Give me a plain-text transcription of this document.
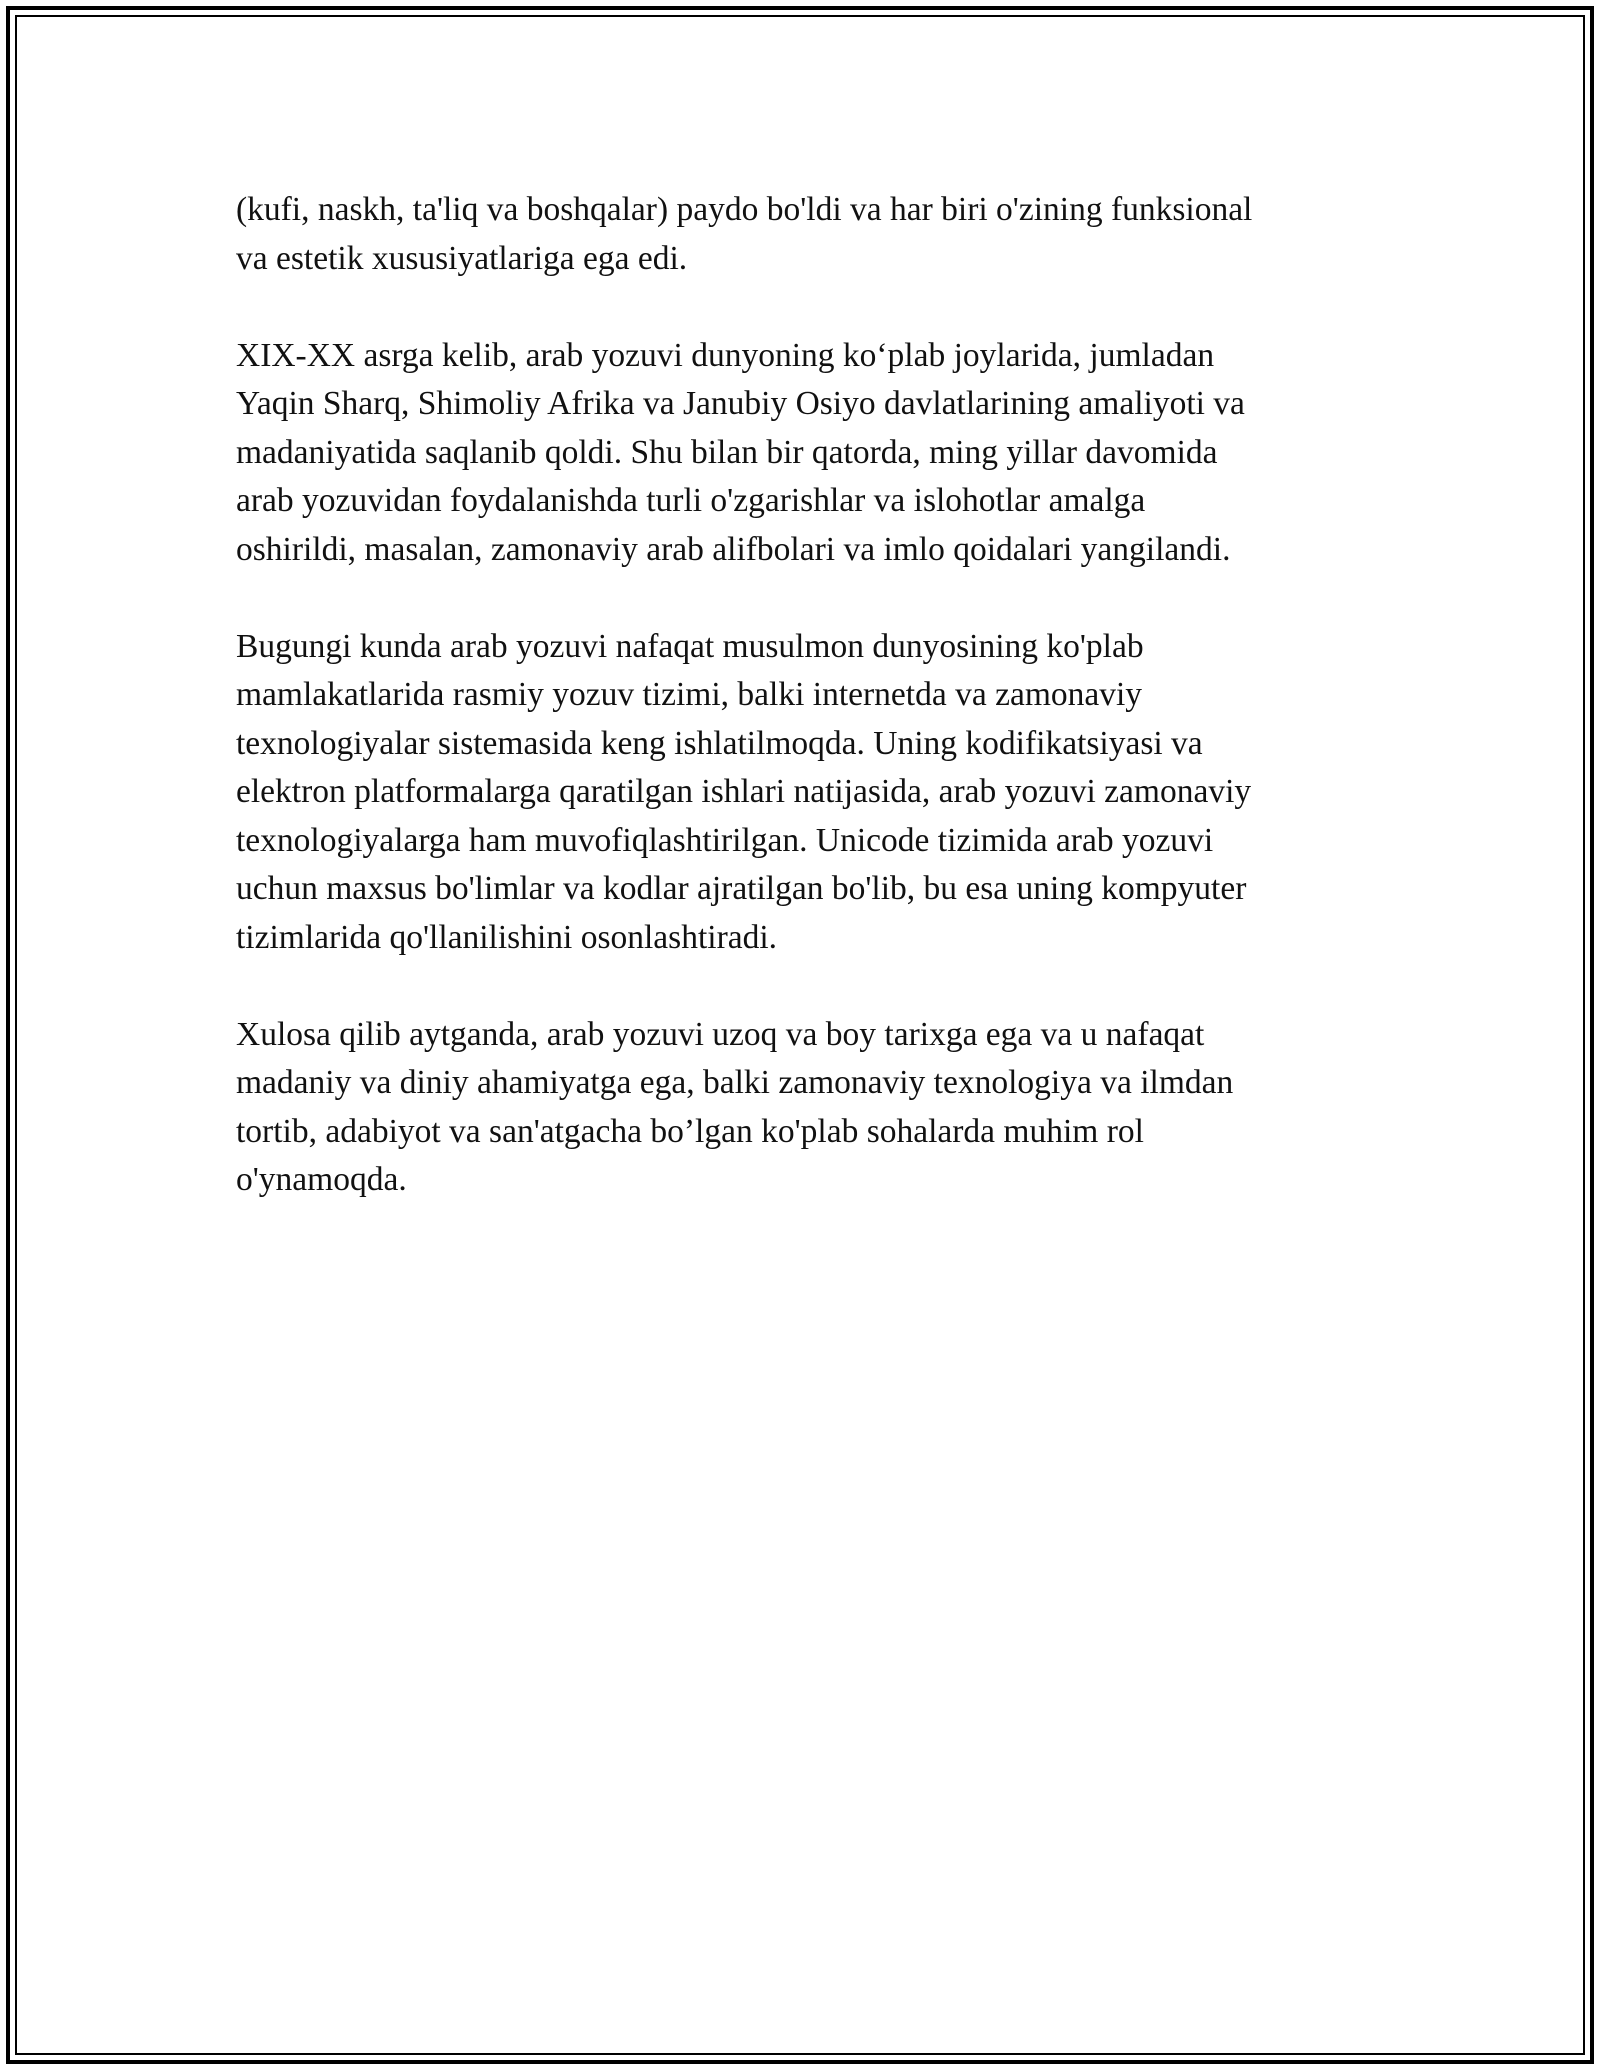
(kufi, naskh, ta'liq va boshqalar) paydo bo'ldi va har biri o'zining funksional
va estetik xususiyatlariga ega edi.

XIX-XX asrga kelib, arab yozuvi dunyoning ko‘plab joylarida, jumladan
Yaqin Sharq, Shimoliy Afrika va Janubiy Osiyo davlatlarining amaliyoti va
madaniyatida saqlanib qoldi. Shu bilan bir qatorda, ming yillar davomida
arab yozuvidan foydalanishda turli o'zgarishlar va islohotlar amalga
oshirildi, masalan, zamonaviy arab alifbolari va imlo qoidalari yangilandi.

Bugungi kunda arab yozuvi nafaqat musulmon dunyosining ko'plab
mamlakatlarida rasmiy yozuv tizimi, balki internetda va zamonaviy
texnologiyalar sistemasida keng ishlatilmoqda. Uning kodifikatsiyasi va
elektron platformalarga qaratilgan ishlari natijasida, arab yozuvi zamonaviy
texnologiyalarga ham muvofiqlashtirilgan. Unicode tizimida arab yozuvi
uchun maxsus bo'limlar va kodlar ajratilgan bo'lib, bu esa uning kompyuter
tizimlarida qo'llanilishini osonlashtiradi.

Xulosa qilib aytganda, arab yozuvi uzoq va boy tarixga ega va u nafaqat
madaniy va diniy ahamiyatga ega, balki zamonaviy texnologiya va ilmdan
tortib, adabiyot va san'atgacha bo’lgan ko'plab sohalarda muhim rol
o'ynamoqda.
